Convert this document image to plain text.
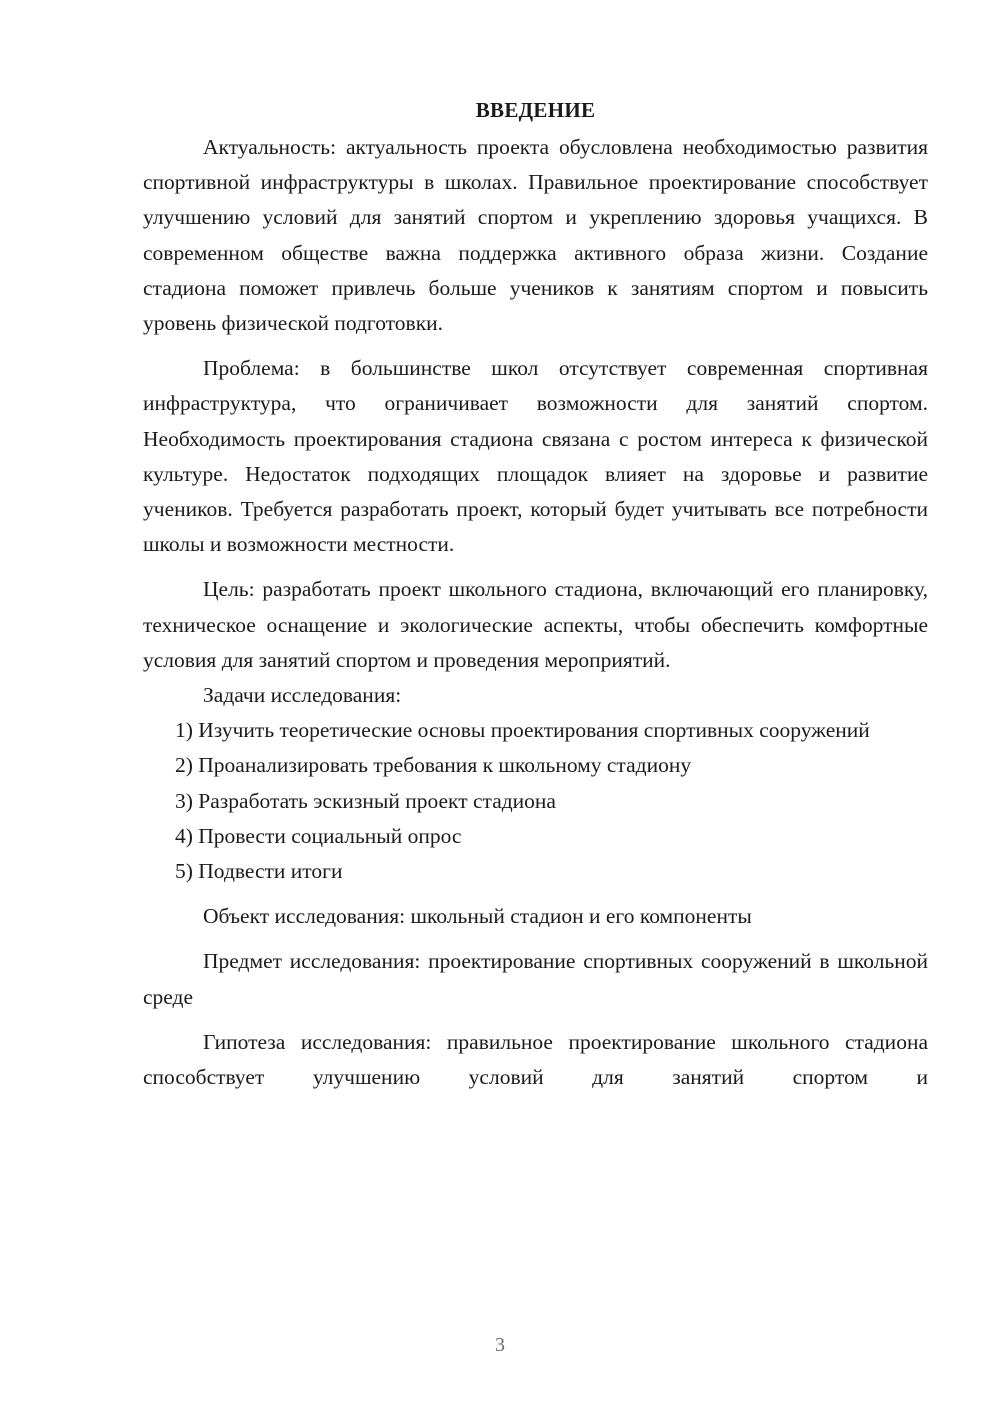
ВВЕДЕНИЕ

Актуальность: актуальность проекта обусловлена необходимостью развития спортивной инфраструктуры в школах. Правильное проектирование способствует улучшению условий для занятий спортом и укреплению здоровья учащихся. В современном обществе важна поддержка активного образа жизни. Создание стадиона поможет привлечь больше учеников к занятиям спортом и повысить уровень физической подготовки.

Проблема: в большинстве школ отсутствует современная спортивная инфраструктура, что ограничивает возможности для занятий спортом. Необходимость проектирования стадиона связана с ростом интереса к физической культуре. Недостаток подходящих площадок влияет на здоровье и развитие учеников. Требуется разработать проект, который будет учитывать все потребности школы и возможности местности.

Цель: разработать проект школьного стадиона, включающий его планировку, техническое оснащение и экологические аспекты, чтобы обеспечить комфортные условия для занятий спортом и проведения мероприятий.

Задачи исследования:

1) Изучить теоретические основы проектирования спортивных сооружений

2) Проанализировать требования к школьному стадиону

3) Разработать эскизный проект стадиона

4) Провести социальный опрос

5) Подвести итоги

Объект исследования: школьный стадион и его компоненты

Предмет исследования: проектирование спортивных сооружений в школьной среде

Гипотеза исследования: правильное проектирование школьного стадиона способствует улучшению условий для занятий спортом и

3
